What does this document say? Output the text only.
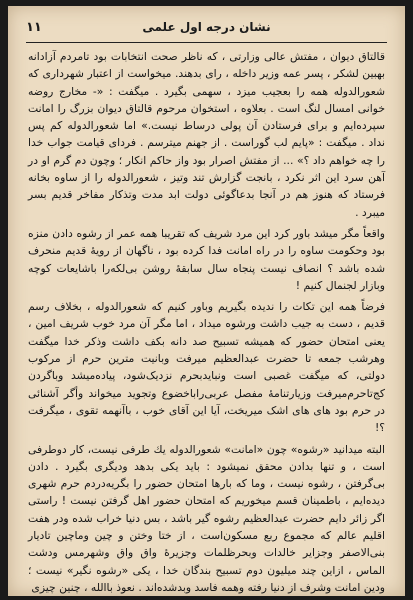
نشان درجه اول علمی
۱۱

قالتاق دیوان ، مفتش عالی وزارتی ، که ناظر صحت انتخابات بود تامردم آزادانه بهبین لشکر ، پسر عمه وزیر داخله ، رای بدهند. میخواست از اعتبار شهرداری که شعورالدوله همه را بعجیب میزد ، سهمی بگیرد . میگفت : «- مخارج روضه خوانی امسال لنگ است . بعلاوه ، استخوان مرحوم قالتاق دیوان بزرگ را امانت سپرده‌ایم و برای فرستادن آن پولی درساط نیست.» اما شعورالدوله کم پس نداد . میگفت : «پایم لب گوراست . از جهنم میترسم . فردای قیامت جواب خدا را چه خواهم داد ؟» ... از مفتش اصرار بود واز حاکم انکار ؛ وچون دم گرم او در آهن سرد این اثر نکرد ، بانجت گزارش تند وتیز ، شعورالدوله را از ساوه بخانه فرستاد که هنوز هم در آنجا بدعاگوئی دولت ابد مدت وتذکار مفاخر قدیم بسر میبرد .

واقعاً مگر میشد باور کرد این مرد شریف که تقریبا همه عمر از رشوه دادن منزه بود وحکومت ساوه را در راه امانت فدا کرده بود ، ناگهان از رویهٔ قدیم منحرف شده باشد ؟ انصاف نیست پنجاه سال سابقهٔ روشن بی‌لکه‌را باشایعات کوچه وبازار لجنمال کنیم !

فرضاً همه این تکات را ندیده بگیریم وباور کنیم که شعورالدوله ، بخلاف رسم قدیم ، دست به جیب داشت ورشوه میداد ، اما مگر آن مرد خوب شریف امین ، یعنی امتحان حضور که همیشه تسبیح صد دانه بکف داشت وذکر خدا میگفت وهرشب جمعه تا حضرت عبدالعظیم میرفت وبانیت مترین حرم از مرکوب دولتی، که میگفت غصبی است ونبایدبحرم نزدیک‌شود، پیاده‌میشد وباگردن کج‌تاحرم‌میرفت وزیارتنامهٔ مفصل عربی‌راباخضوع وتجوید میخواند وأگر آشنائی در حرم بود های های اشک میریخت، آیا این آقای خوب ، باآنهمه تقوی ، میگرفت ؟!

البته میدانید «رشوه» چون «امانت» شعورالدوله یك طرفی نیست، کار دوطرفی است ، و تنها بدادن محقق نمیشود : باید یکی بدهد ودیگری بگیرد . دادن بی‌گرفتن ، رشوه نیست ، وما که بارها امتحان حضور را بگریه‌دردم حرم شهری دیده‌ایم ، باطمینان قسم میخوریم که امتحان حضور اهل گرفتن نیست ! راستی اگر زائر دایم حضرت عبدالعظیم رشوه گیر باشد ، بس دنیا خراب شده ودر هفت اقلیم عالم که مجموع ربع مسکون‌است ، از ختا وختن و چین وماچین تادیار بنی‌الاصفر وجزایر خالدات وبحرظلمات وجزیرهٔ واق واق وشهرمس ودشت الماس ، ازاین چند میلیون دوم تسبیح بندگان خدا ، یکی «رشوه نگیر» نیست ؛ ودین امانت وشرف از دنیا رفته وهمه فاسد وبدشده‌اند . نعوذ باالله ، چنین چیزی
